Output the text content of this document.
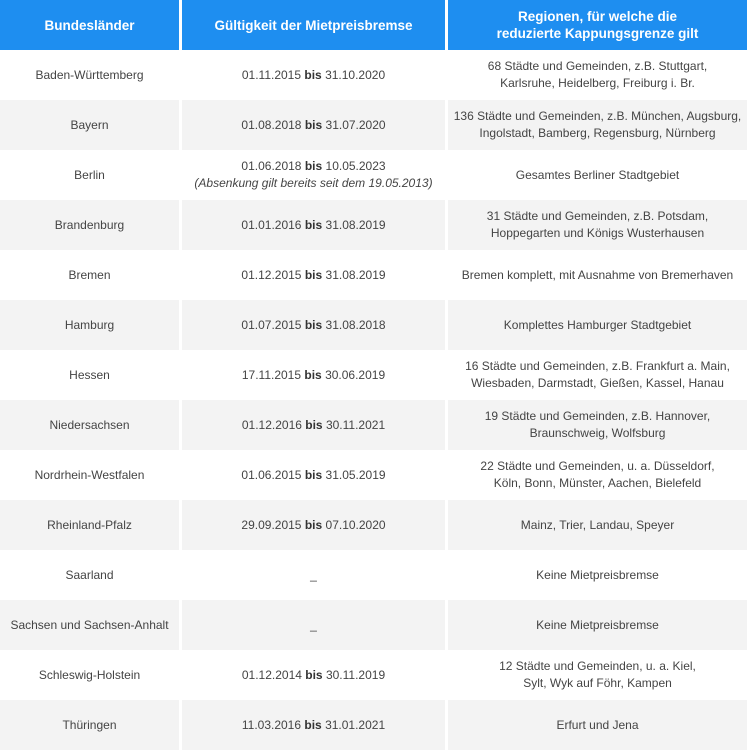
Bundesländer	Gültigkeit der Mietpreisbremse	Regionen, für welche die
reduzierte Kappungsgrenze gilt
Baden-Württemberg	01.11.2015 bis 31.10.2020	68 Städte und Gemeinden, z.B. Stuttgart,
Karlsruhe, Heidelberg, Freiburg i. Br.
Bayern	01.08.2018 bis 31.07.2020	136 Städte und Gemeinden, z.B. München, Augsburg,
Ingolstadt, Bamberg, Regensburg, Nürnberg
Berlin	01.06.2018 bis 10.05.2023
(Absenkung gilt bereits seit dem 19.05.2013)	Gesamtes Berliner Stadtgebiet
Brandenburg	01.01.2016 bis 31.08.2019	31 Städte und Gemeinden, z.B. Potsdam,
Hoppegarten und Königs Wusterhausen
Bremen	01.12.2015 bis 31.08.2019	Bremen komplett, mit Ausnahme von Bremerhaven
Hamburg	01.07.2015 bis 31.08.2018	Komplettes Hamburger Stadtgebiet
Hessen	17.11.2015 bis 30.06.2019	16 Städte und Gemeinden, z.B. Frankfurt a. Main,
Wiesbaden, Darmstadt, Gießen, Kassel, Hanau
Niedersachsen	01.12.2016 bis 30.11.2021	19 Städte und Gemeinden, z.B. Hannover,
Braunschweig, Wolfsburg
Nordrhein-Westfalen	01.06.2015 bis 31.05.2019	22 Städte und Gemeinden, u. a. Düsseldorf,
Köln, Bonn, Münster, Aachen, Bielefeld
Rheinland-Pfalz	29.09.2015 bis 07.10.2020	Mainz, Trier, Landau, Speyer
Saarland	_	Keine Mietpreisbremse
Sachsen und Sachsen-Anhalt	_	Keine Mietpreisbremse
Schleswig-Holstein	01.12.2014 bis 30.11.2019	12 Städte und Gemeinden, u. a. Kiel,
Sylt, Wyk auf Föhr, Kampen
Thüringen	11.03.2016 bis 31.01.2021	Erfurt und Jena
